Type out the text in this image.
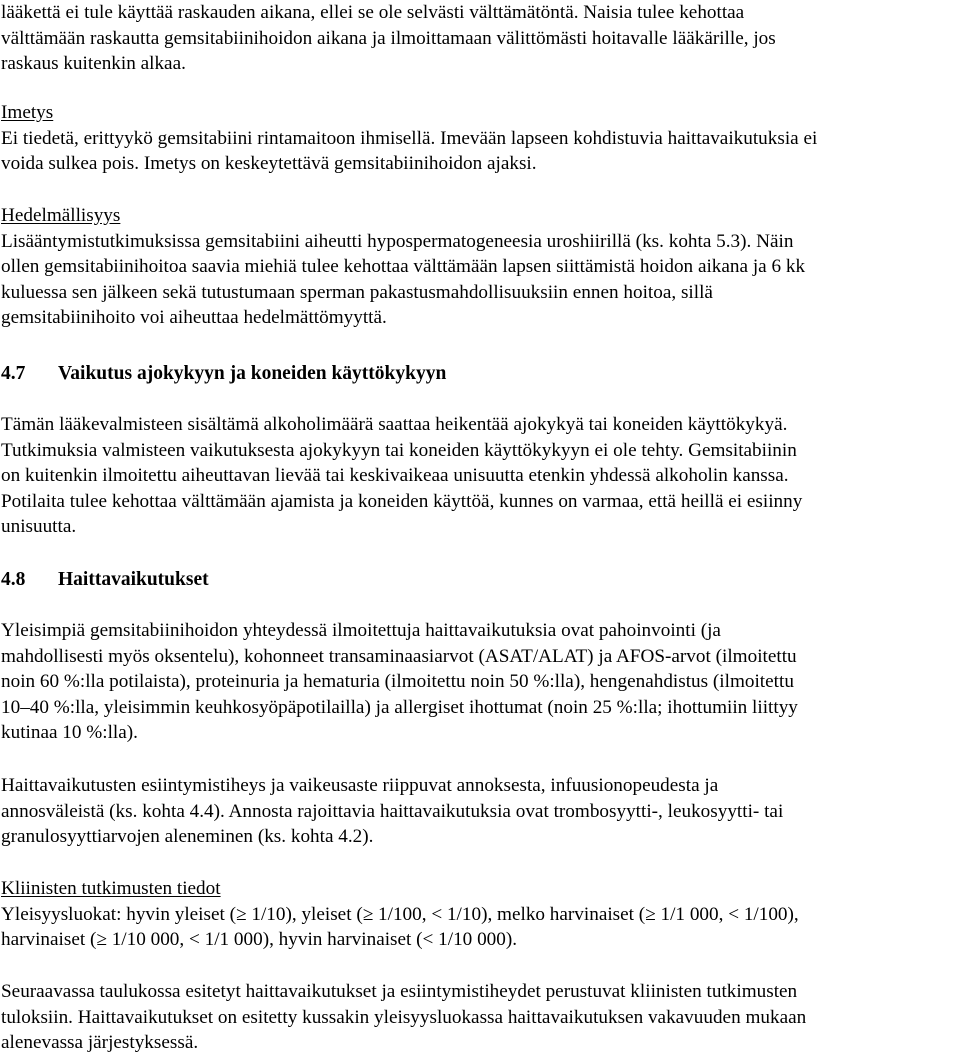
lääkettä ei tule käyttää raskauden aikana, ellei se ole selvästi välttämätöntä. Naisia tulee kehottaa
välttämään raskautta gemsitabiinihoidon aikana ja ilmoittamaan välittömästi hoitavalle lääkärille, jos
raskaus kuitenkin alkaa.
Imetys
Ei tiedetä, erittyykö gemsitabiini rintamaitoon ihmisellä. Imevään lapseen kohdistuvia haittavaikutuksia ei
voida sulkea pois. Imetys on keskeytettävä gemsitabiinihoidon ajaksi.
Hedelmällisyys
Lisääntymistutkimuksissa gemsitabiini aiheutti hypospermatogeneesia uroshiirillä (ks. kohta 5.3). Näin
ollen gemsitabiinihoitoa saavia miehiä tulee kehottaa välttämään lapsen siittämistä hoidon aikana ja 6 kk
kuluessa sen jälkeen sekä tutustumaan sperman pakastusmahdollisuuksiin ennen hoitoa, sillä
gemsitabiinihoito voi aiheuttaa hedelmättömyyttä.
4.7 Vaikutus ajokykyyn ja koneiden käyttökykyyn
Tämän lääkevalmisteen sisältämä alkoholimäärä saattaa heikentää ajokykyä tai koneiden käyttökykyä.
Tutkimuksia valmisteen vaikutuksesta ajokykyyn tai koneiden käyttökykyyn ei ole tehty. Gemsitabiinin
on kuitenkin ilmoitettu aiheuttavan lievää tai keskivaikeaa unisuutta etenkin yhdessä alkoholin kanssa.
Potilaita tulee kehottaa välttämään ajamista ja koneiden käyttöä, kunnes on varmaa, että heillä ei esiinny
unisuutta.
4.8 Haittavaikutukset
Yleisimpiä gemsitabiinihoidon yhteydessä ilmoitettuja haittavaikutuksia ovat pahoinvointi (ja
mahdollisesti myös oksentelu), kohonneet transaminaasiarvot (ASAT/ALAT) ja AFOS-arvot (ilmoitettu
noin 60 %:lla potilaista), proteinuria ja hematuria (ilmoitettu noin 50 %:lla), hengenahdistus (ilmoitettu
10–40 %:lla, yleisimmin keuhkosyöpäpotilailla) ja allergiset ihottumat (noin 25 %:lla; ihottumiin liittyy
kutinaa 10 %:lla).
Haittavaikutusten esiintymistiheys ja vaikeusaste riippuvat annoksesta, infuusionopeudesta ja
annosväleistä (ks. kohta 4.4). Annosta rajoittavia haittavaikutuksia ovat trombosyytti-, leukosyytti- tai
granulosyyttiarvojen aleneminen (ks. kohta 4.2).
Kliinisten tutkimusten tiedot
Yleisyysluokat: hyvin yleiset (≥ 1/10), yleiset (≥ 1/100, < 1/10), melko harvinaiset (≥ 1/1 000, < 1/100),
harvinaiset (≥ 1/10 000, < 1/1 000), hyvin harvinaiset (< 1/10 000).
Seuraavassa taulukossa esitetyt haittavaikutukset ja esiintymistiheydet perustuvat kliinisten tutkimusten
tuloksiin. Haittavaikutukset on esitetty kussakin yleisyysluokassa haittavaikutuksen vakavuuden mukaan
alenevassa järjestyksessä.
